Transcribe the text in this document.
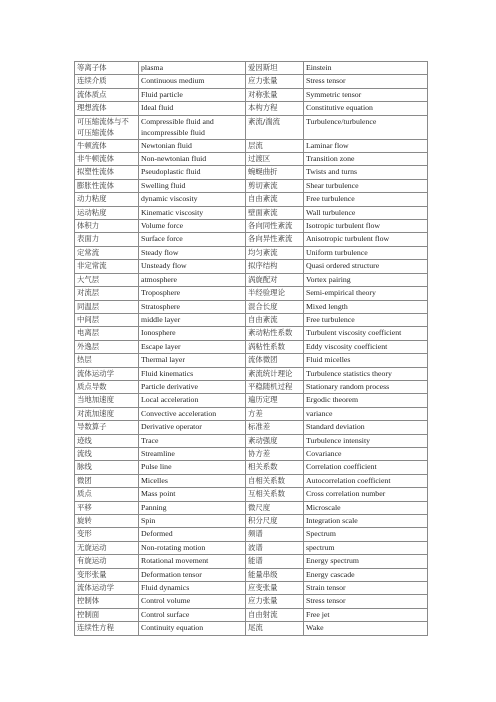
等离子体	plasma	爱因斯坦	Einstein
连续介质	Continuous medium	应力张量	Stress tensor
流体质点	Fluid particle	对称张量	Symmetric tensor
理想流体	Ideal fluid	本构方程	Constitutive equation
可压缩流体与不可压缩流体	Compressible fluid and incompressible fluid	紊流/湍流	Turbulence/turbulence
牛顿流体	Newtonian fluid	层流	Laminar flow
非牛顿流体	Non-newtonian fluid	过渡区	Transition zone
拟塑性流体	Pseudoplastic fluid	蜿蜒曲折	Twists and turns
膨胀性流体	Swelling fluid	剪切紊流	Shear turbulence
动力粘度	dynamic viscosity	自由紊流	Free turbulence
运动粘度	Kinematic viscosity	壁面紊流	Wall turbulence
体积力	Volume force	各向同性紊流	Isotropic turbulent flow
表面力	Surface force	各向异性紊流	Anisotropic turbulent flow
定常流	Steady flow	均匀紊流	Uniform turbulence
非定常流	Unsteady flow	拟序结构	Quasi ordered structure
大气层	atmosphere	涡旋配对	Vortex pairing
对流层	Troposphere	半经验理论	Semi-empirical theory
同温层	Stratosphere	混合长度	Mixed length
中间层	middle layer	自由紊流	Free turbulence
电离层	Ionosphere	紊动粘性系数	Turbulent viscosity coefficient
外逸层	Escape layer	涡粘性系数	Eddy viscosity coefficient
热层	Thermal layer	流体微团	Fluid micelles
流体运动学	Fluid kinematics	紊流统计理论	Turbulence statistics theory
质点导数	Particle derivative	平稳随机过程	Stationary random process
当地加速度	Local acceleration	遍历定理	Ergodic theorem
对流加速度	Convective acceleration	方差	variance
导数算子	Derivative operator	标准差	Standard deviation
迹线	Trace	紊动强度	Turbulence intensity
流线	Streamline	协方差	Covariance
脉线	Pulse line	相关系数	Correlation coefficient
微团	Micelles	自相关系数	Autocorrelation coefficient
质点	Mass point	互相关系数	Cross correlation number
平移	Panning	微尺度	Microscale
旋转	Spin	积分尺度	Integration scale
变形	Deformed	频谱	Spectrum
无旋运动	Non-rotating motion	波谱	spectrum
有旋运动	Rotational movement	能谱	Energy spectrum
变形张量	Deformation tensor	能量串级	Energy cascade
流体运动学	Fluid dynamics	应变张量	Strain tensor
控制体	Control volume	应力张量	Stress tensor
控制面	Control surface	自由射流	Free jet
连续性方程	Continuity equation	尾流	Wake
